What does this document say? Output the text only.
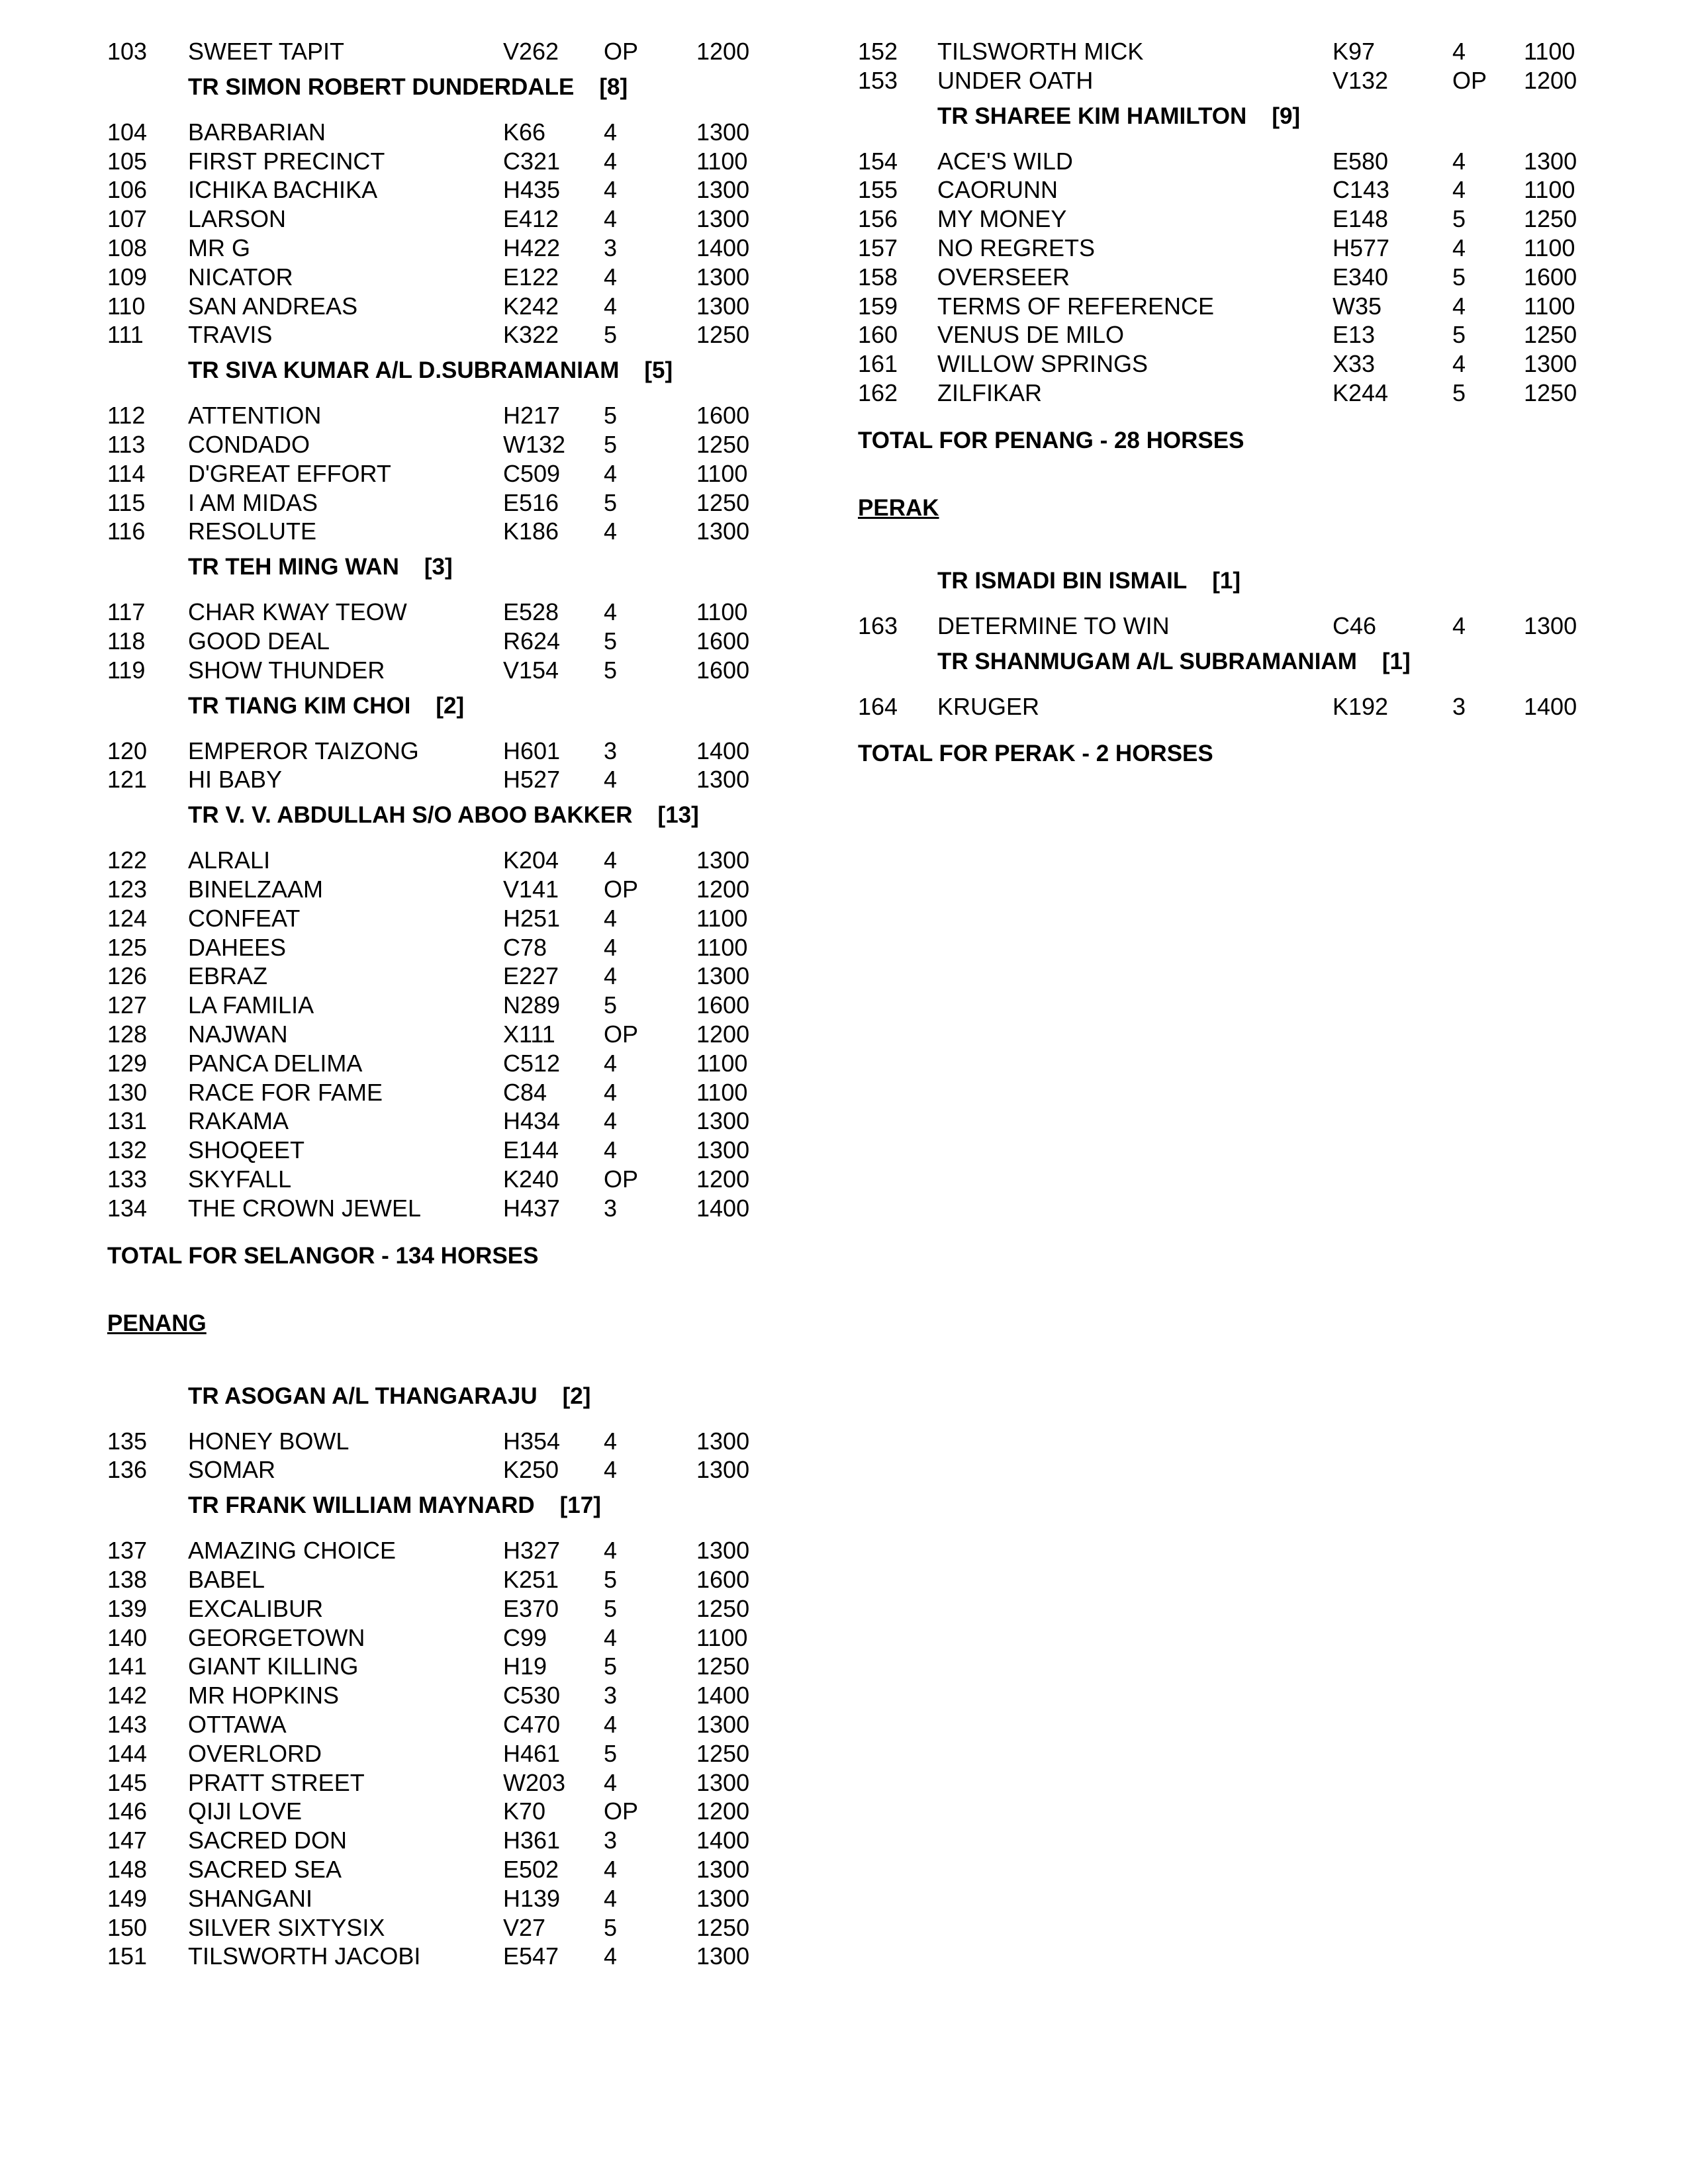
103 SWEET TAPIT	V262 OP 1200
TR SIMON ROBERT DUNDERDALE [8]
104 BARBARIAN	K66 4	1300
105 FIRST PRECINCT	C321 4	1100
106 ICHIKA BACHIKA	H435 4	1300
107 LARSON	E412 4	1300
108 MR G	H422 3	1400
109 NICATOR	E122 4	1300
110 SAN ANDREAS	K242 4	1300
111 TRAVIS	K322 5	1250
TR SIVA KUMAR A/L D.SUBRAMANIAM [5]
112 ATTENTION	H217 5	1600
113 CONDADO	W132 5	1250
114 D'GREAT EFFORT	C509 4	1100
115 I AM MIDAS	E516 5	1250
116 RESOLUTE	K186 4	1300
TR TEH MING WAN [3]
117 CHAR KWAY TEOW	E528 4	1100
118 GOOD DEAL	R624 5	1600
119 SHOW THUNDER	V154 5	1600
TR TIANG KIM CHOI [2]
120 EMPEROR TAIZONG	H601 3	1400
121 HI BABY	H527 4	1300
TR V. V. ABDULLAH S/O ABOO BAKKER [13]
122 ALRALI	K204 4	1300
123 BINELZAAM	V141 OP 1200
124 CONFEAT	H251 4	1100
125 DAHEES	C78 4	1100
126 EBRAZ	E227 4	1300
127 LA FAMILIA	N289 5	1600
128 NAJWAN	X111 OP 1200
129 PANCA DELIMA	C512 4	1100
130 RACE FOR FAME	C84 4	1100
131 RAKAMA	H434 4	1300
132 SHOQEET	E144 4	1300
133 SKYFALL	K240 OP 1200
134 THE CROWN JEWEL	H437 3	1400
TOTAL FOR SELANGOR - 134 HORSES
PENANG
TR ASOGAN A/L THANGARAJU [2]
135 HONEY BOWL	H354 4	1300
136 SOMAR	K250 4	1300
TR FRANK WILLIAM MAYNARD [17]
137 AMAZING CHOICE	H327 4	1300
138 BABEL	K251 5	1600
139 EXCALIBUR	E370 5	1250
140 GEORGETOWN	C99 4	1100
141 GIANT KILLING	H19 5	1250
142 MR HOPKINS	C530 3	1400
143 OTTAWA	C470 4	1300
144 OVERLORD	H461 5	1250
145 PRATT STREET	W203 4	1300
146 QIJI LOVE	K70 OP 1200
147 SACRED DON	H361 3	1400
148 SACRED SEA	E502 4	1300
149 SHANGANI	H139 4	1300
150 SILVER SIXTYSIX	V27 5	1250
151 TILSWORTH JACOBI	E547 4	1300
152 TILSWORTH MICK	K97	4 1100
153 UNDER OATH	V132	OP 1200
TR SHAREE KIM HAMILTON [9]
154 ACE'S WILD	E580	4 1300
155 CAORUNN	C143	4 1100
156 MY MONEY	E148	5 1250
157 NO REGRETS	H577	4 1100
158 OVERSEER	E340	5 1600
159 TERMS OF REFERENCE	W35	4 1100
160 VENUS DE MILO	E13	5 1250
161 WILLOW SPRINGS	X33	4 1300
162 ZILFIKAR	K244	5 1250
TOTAL FOR PENANG - 28 HORSES
PERAK
TR ISMADI BIN ISMAIL [1]
163 DETERMINE TO WIN	C46	4 1300
TR SHANMUGAM A/L SUBRAMANIAM [1]
164 KRUGER	K192	3 1400
TOTAL FOR PERAK - 2 HORSES
